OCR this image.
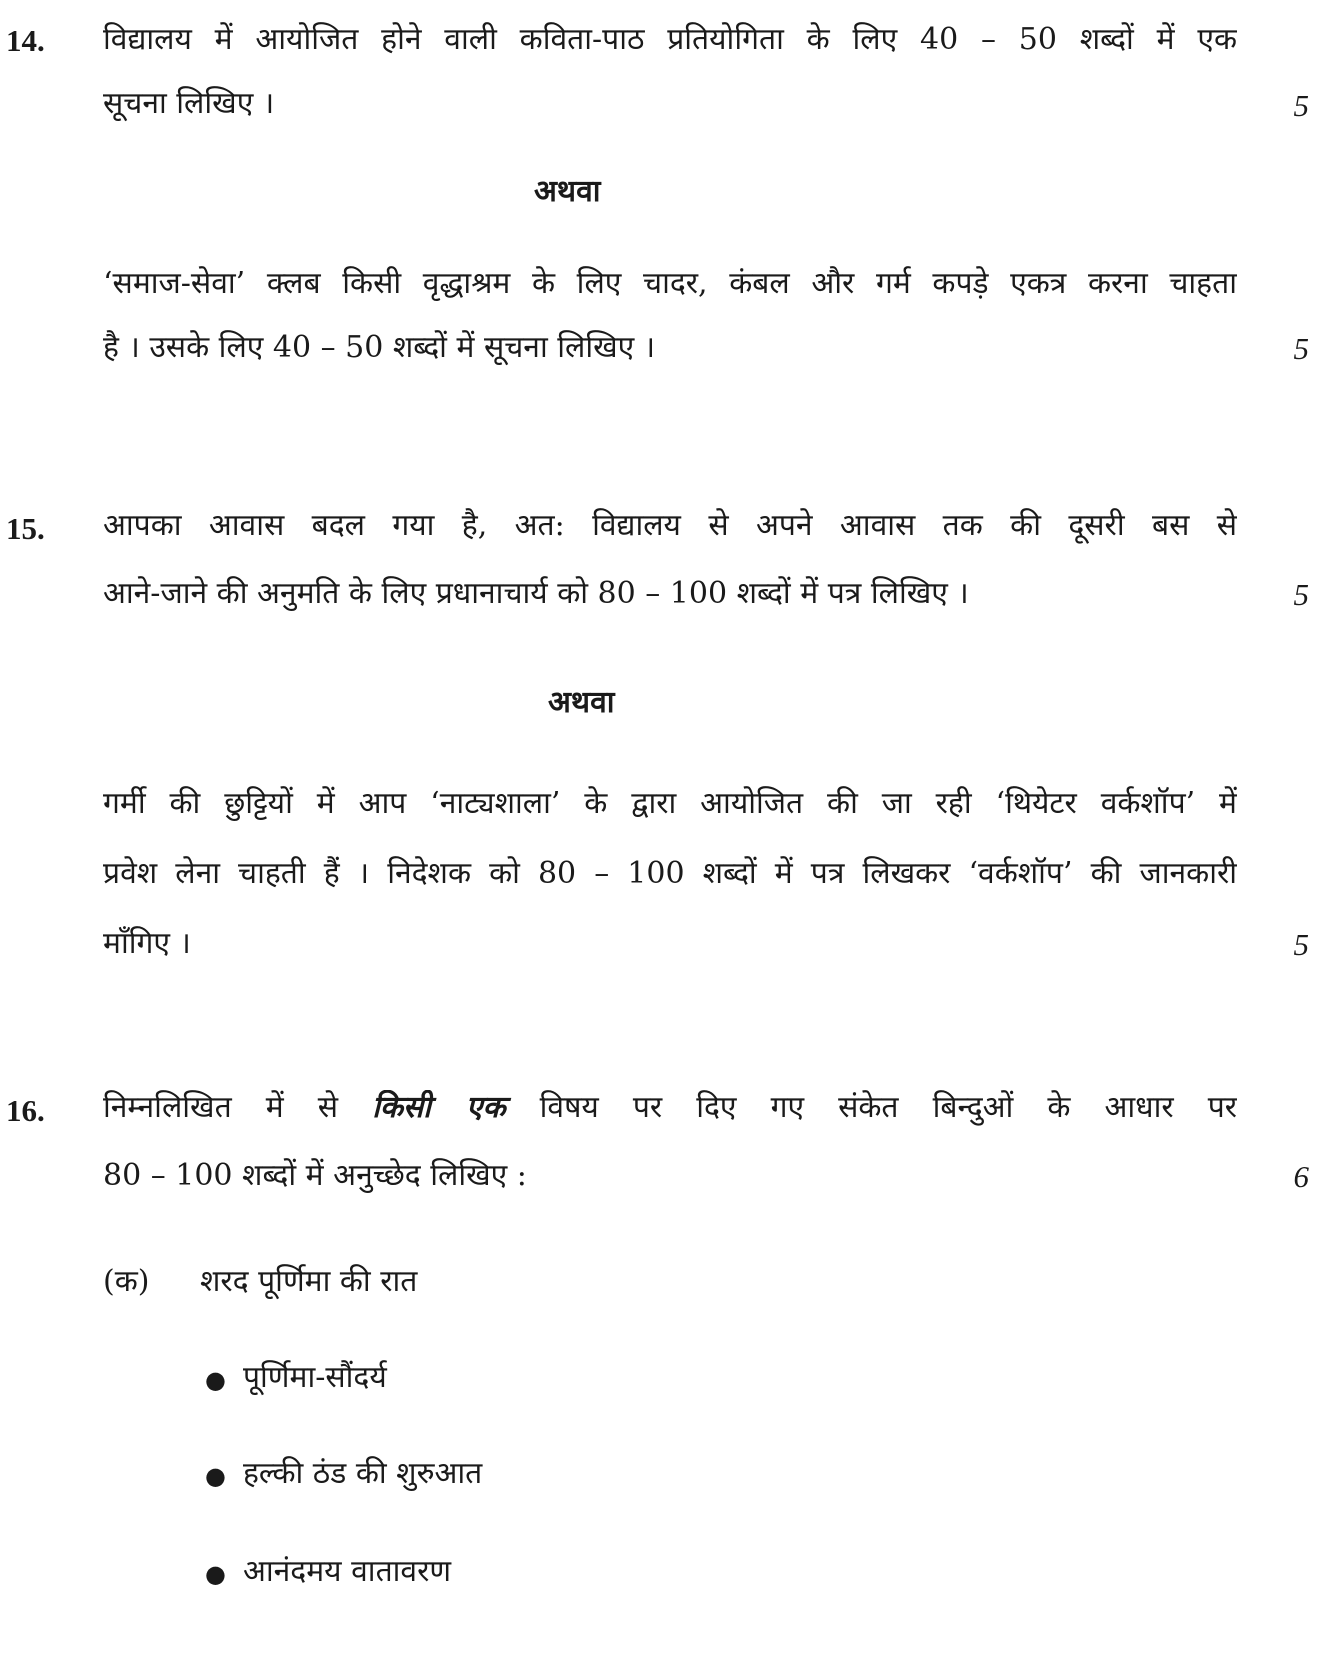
14. विद्यालय में आयोजित होने वाली कविता-पाठ प्रतियोगिता के लिए 40 – 50 शब्दों में एक
सूचना लिखिए ।	5
अथवा
‘समाज-सेवा’ क्लब किसी वृद्धाश्रम के लिए चादर, कंबल और गर्म कपड़े एकत्र करना चाहता
है । उसके लिए 40 – 50 शब्दों में सूचना लिखिए ।	5
15. आपका आवास बदल गया है, अत: विद्यालय से अपने आवास तक की दूसरी बस से
आने-जाने की अनुमति के लिए प्रधानाचार्य को 80 – 100 शब्दों में पत्र लिखिए ।	5
अथवा
गर्मी की छुट्टियों में आप ‘नाट्यशाला’ के द्वारा आयोजित की जा रही ‘थियेटर वर्कशॉप’ में
प्रवेश लेना चाहती हैं । निदेशक को 80 – 100 शब्दों में पत्र लिखकर ‘वर्कशॉप’ की जानकारी
माँगिए ।	5
16. निम्नलिखित में से किसी एक विषय पर दिए गए संकेत बिन्दुओं के आधार पर
80 – 100 शब्दों में अनुच्छेद लिखिए :	6
(क) शरद पूर्णिमा की रात
● पूर्णिमा-सौंदर्य
● हल्की ठंड की शुरुआत
● आनंदमय वातावरण
